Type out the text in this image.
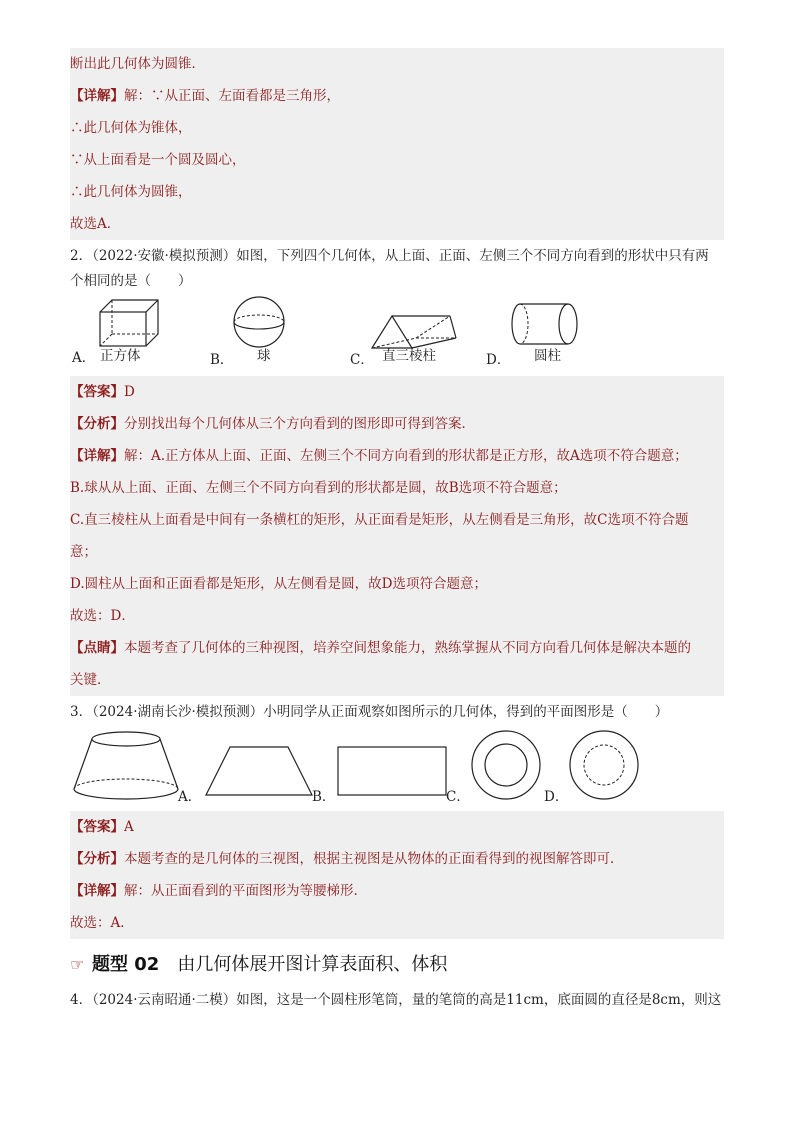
断出此几何体为圆锥．
【详解】解：∵从正面、左面看都是三角形，
∴此几何体为锥体，
∵从上面看是一个圆及圆心，
∴此几何体为圆锥，
故选A．
2．（2022·安徽·模拟预测）如图，下列四个几何体，从上面、正面、左侧三个不同方向看到的形状中只有两
个相同的是（　　）
A． 正方体	B． 球	C． 直三棱柱	D． 圆柱
【答案】D
【分析】分别找出每个几何体从三个方向看到的图形即可得到答案．
【详解】解：A.正方体从上面、正面、左侧三个不同方向看到的形状都是正方形，故A选项不符合题意；
B.球从从上面、正面、左侧三个不同方向看到的形状都是圆，故B选项不符合题意；
C.直三棱柱从上面看是中间有一条横杠的矩形，从正面看是矩形，从左侧看是三角形，故C选项不符合题
意；
D.圆柱从上面和正面看都是矩形，从左侧看是圆，故D选项符合题意；
故选：D．
【点睛】本题考查了几何体的三种视图，培养空间想象能力，熟练掌握从不同方向看几何体是解决本题的
关键．
3．（2024·湖南长沙·模拟预测）小明同学从正面观察如图所示的几何体，得到的平面图形是（　　）
A．	B．	C．	D．
【答案】A
【分析】本题考查的是几何体的三视图，根据主视图是从物体的正面看得到的视图解答即可．
【详解】解：从正面看到的平面图形为等腰梯形.
故选：A．
☞ 题型 02 由几何体展开图计算表面积、体积
4．（2024·云南昭通·二模）如图，这是一个圆柱形笔筒，量的笔筒的高是11cm，底面圆的直径是8cm，则这
